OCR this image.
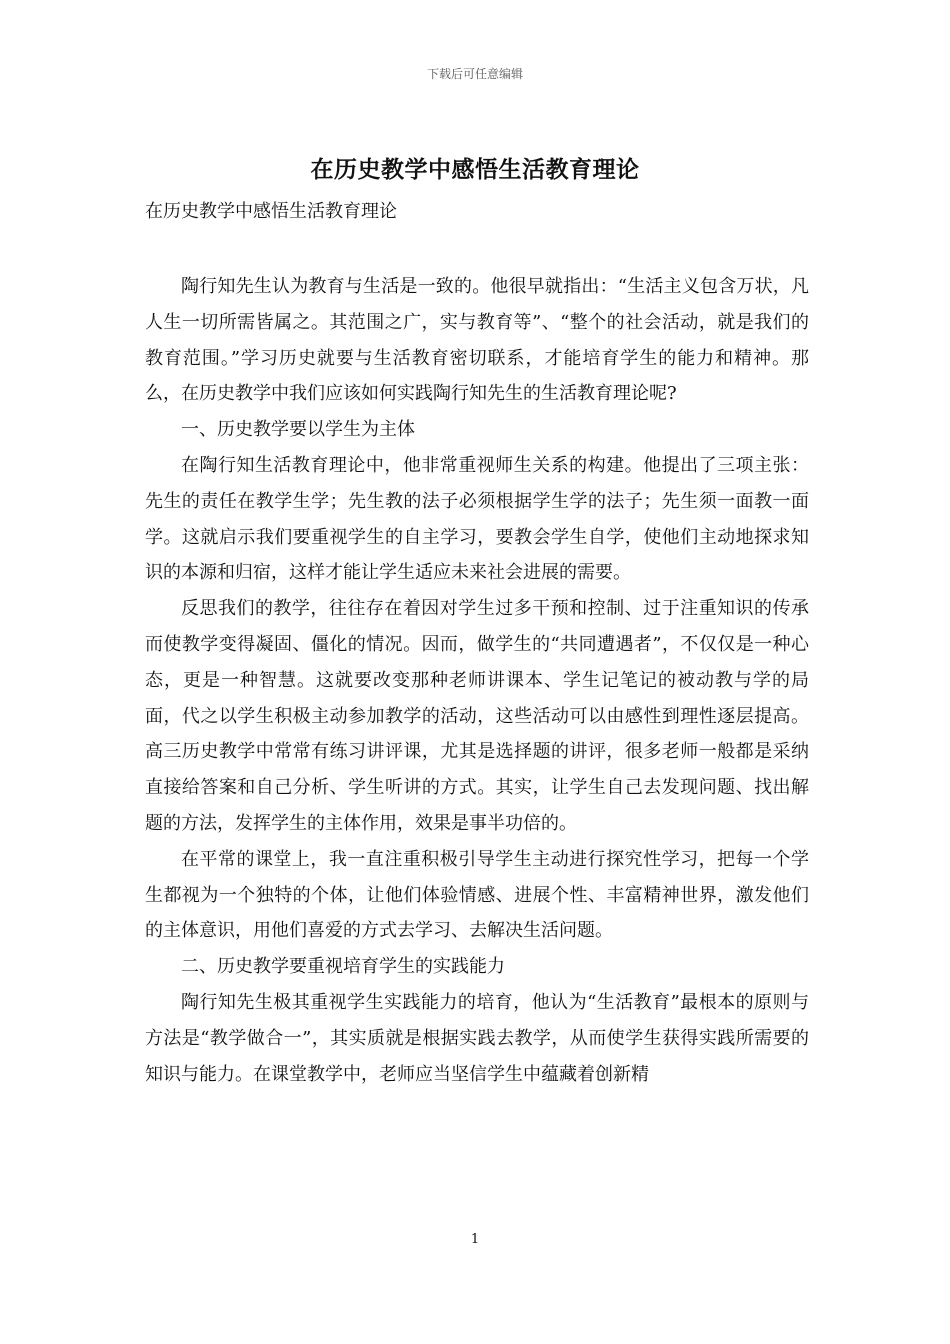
下载后可任意编辑
在历史教学中感悟生活教育理论
在历史教学中感悟生活教育理论

陶行知先生认为教育与生活是一致的。他很早就指出：“生活主义包含万状，凡人生一切所需皆属之。其范围之广，实与教育等”、“整个的社会活动，就是我们的教育范围。”学习历史就要与生活教育密切联系，才能培育学生的能力和精神。那么，在历史教学中我们应该如何实践陶行知先生的生活教育理论呢?

一、历史教学要以学生为主体

在陶行知生活教育理论中，他非常重视师生关系的构建。他提出了三项主张：先生的责任在教学生学；先生教的法子必须根据学生学的法子；先生须一面教一面学。这就启示我们要重视学生的自主学习，要教会学生自学，使他们主动地探求知识的本源和归宿，这样才能让学生适应未来社会进展的需要。

反思我们的教学，往往存在着因对学生过多干预和控制、过于注重知识的传承而使教学变得凝固、僵化的情况。因而，做学生的“共同遭遇者”，不仅仅是一种心态，更是一种智慧。这就要改变那种老师讲课本、学生记笔记的被动教与学的局面，代之以学生积极主动参加教学的活动，这些活动可以由感性到理性逐层提高。高三历史教学中常常有练习讲评课，尤其是选择题的讲评，很多老师一般都是采纳直接给答案和自己分析、学生听讲的方式。其实，让学生自己去发现问题、找出解题的方法，发挥学生的主体作用，效果是事半功倍的。

在平常的课堂上，我一直注重积极引导学生主动进行探究性学习，把每一个学生都视为一个独特的个体，让他们体验情感、进展个性、丰富精神世界，激发他们的主体意识，用他们喜爱的方式去学习、去解决生活问题。

二、历史教学要重视培育学生的实践能力

陶行知先生极其重视学生实践能力的培育，他认为“生活教育”最根本的原则与方法是“教学做合一”，其实质就是根据实践去教学，从而使学生获得实践所需要的知识与能力。在课堂教学中，老师应当坚信学生中蕴藏着创新精

1
